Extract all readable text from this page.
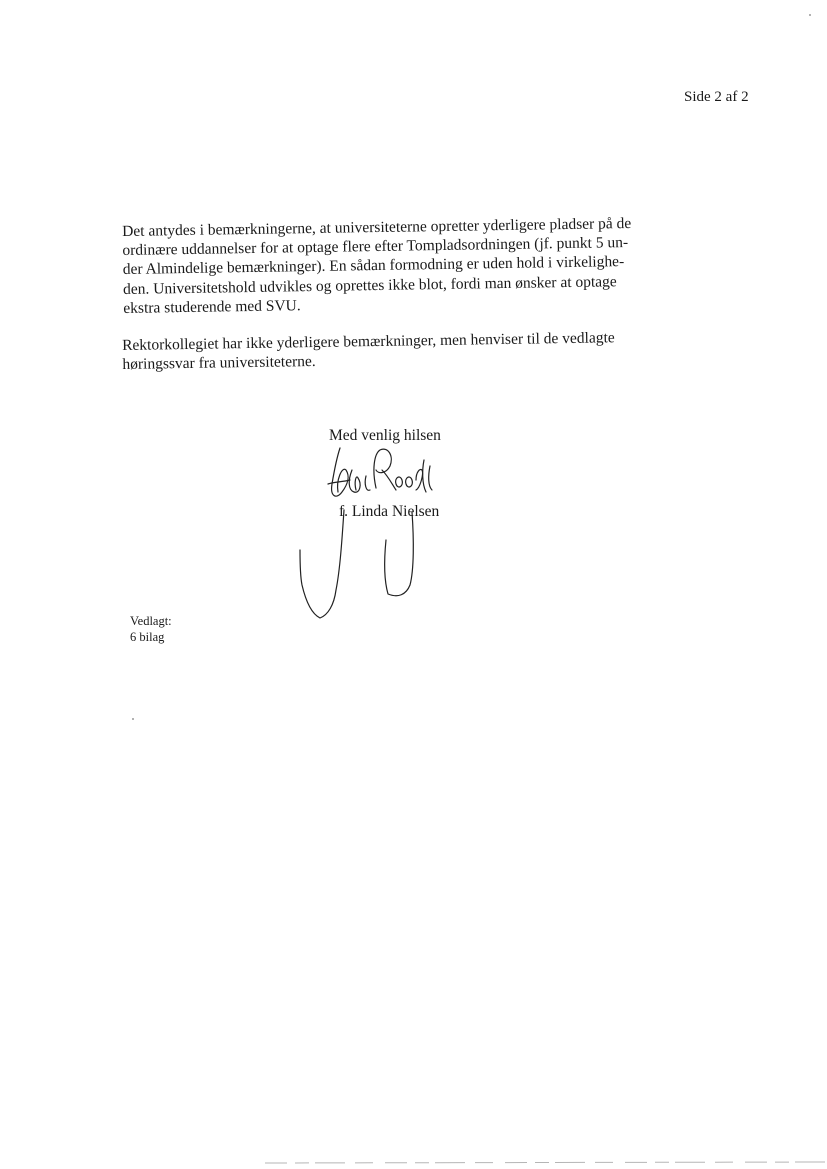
Side 2 af 2
Det antydes i bemærkningerne, at universiteterne opretter yderligere pladser på de
ordinære uddannelser for at optage flere efter Tompladsordningen (jf. punkt 5 un-
der Almindelige bemærkninger). En sådan formodning er uden hold i virkelighe-
den. Universitetshold udvikles og oprettes ikke blot, fordi man ønsker at optage
ekstra studerende med SVU.
Rektorkollegiet har ikke yderligere bemærkninger, men henviser til de vedlagte
høringssvar fra universiteterne.
Med venlig hilsen
f. Linda Nielsen
Vedlagt:
6 bilag
